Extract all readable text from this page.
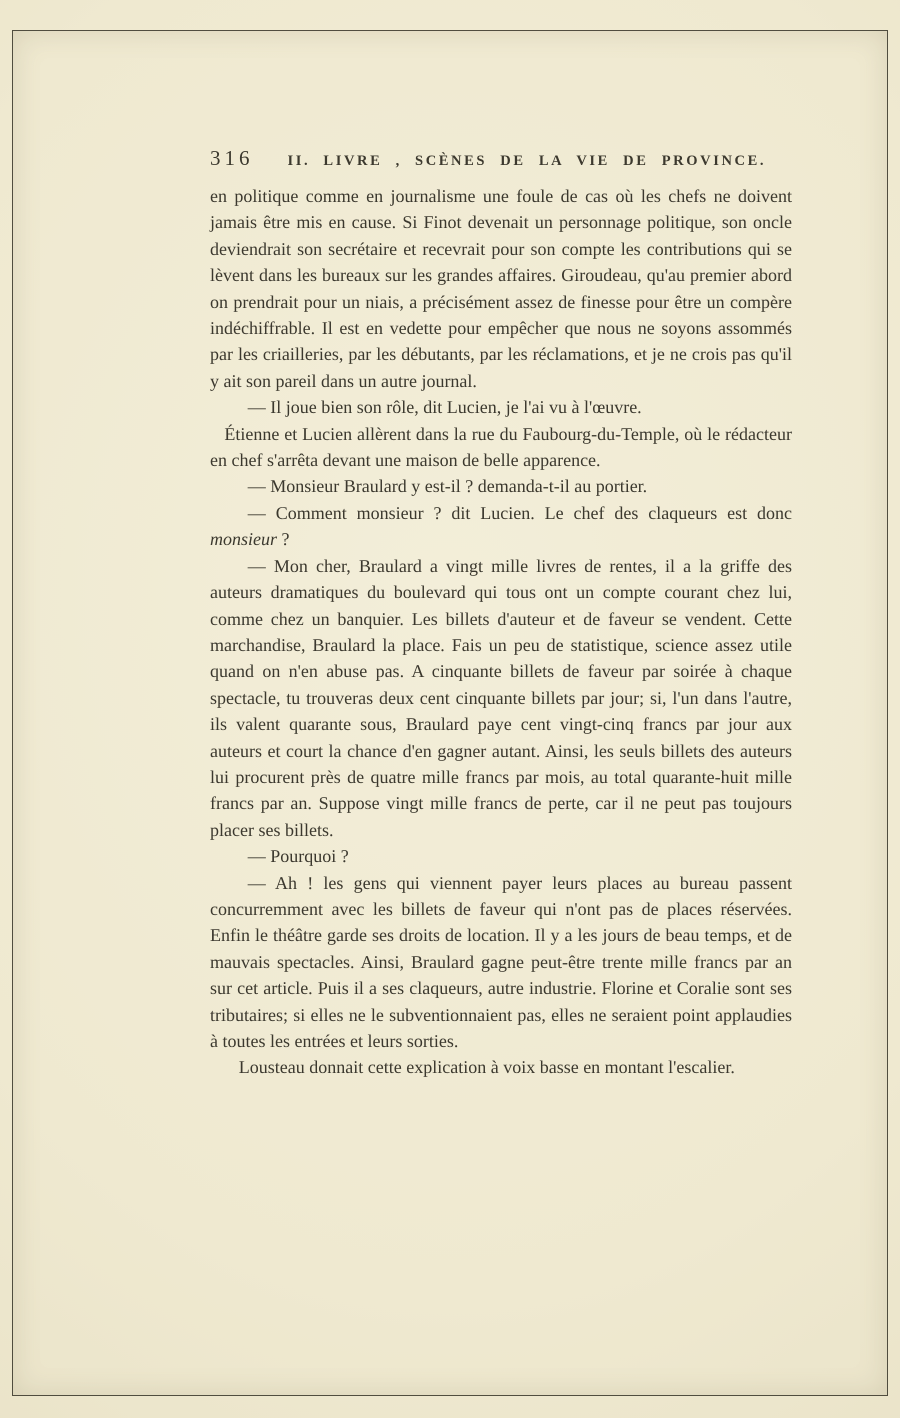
316 II. LIVRE , SCÈNES DE LA VIE DE PROVINCE.

en politique comme en journalisme une foule de cas où les chefs ne doivent jamais être mis en cause. Si Finot devenait un personnage politique, son oncle deviendrait son secrétaire et recevrait pour son compte les contributions qui se lèvent dans les bureaux sur les grandes affaires. Giroudeau, qu'au premier abord on prendrait pour un niais, a précisément assez de finesse pour être un compère indéchiffrable. Il est en vedette pour empêcher que nous ne soyons assommés par les criailleries, par les débutants, par les réclamations, et je ne crois pas qu'il y ait son pareil dans un autre journal.

— Il joue bien son rôle, dit Lucien, je l'ai vu à l'œuvre.

Étienne et Lucien allèrent dans la rue du Faubourg-du-Temple, où le rédacteur en chef s'arrêta devant une maison de belle apparence.

— Monsieur Braulard y est-il ? demanda-t-il au portier.

— Comment monsieur ? dit Lucien. Le chef des claqueurs est donc monsieur ?

— Mon cher, Braulard a vingt mille livres de rentes, il a la griffe des auteurs dramatiques du boulevard qui tous ont un compte courant chez lui, comme chez un banquier. Les billets d'auteur et de faveur se vendent. Cette marchandise, Braulard la place. Fais un peu de statistique, science assez utile quand on n'en abuse pas. A cinquante billets de faveur par soirée à chaque spectacle, tu trouveras deux cent cinquante billets par jour; si, l'un dans l'autre, ils valent quarante sous, Braulard paye cent vingt-cinq francs par jour aux auteurs et court la chance d'en gagner autant. Ainsi, les seuls billets des auteurs lui procurent près de quatre mille francs par mois, au total quarante-huit mille francs par an. Suppose vingt mille francs de perte, car il ne peut pas toujours placer ses billets.

— Pourquoi ?

— Ah ! les gens qui viennent payer leurs places au bureau passent concurremment avec les billets de faveur qui n'ont pas de places réservées. Enfin le théâtre garde ses droits de location. Il y a les jours de beau temps, et de mauvais spectacles. Ainsi, Braulard gagne peut-être trente mille francs par an sur cet article. Puis il a ses claqueurs, autre industrie. Florine et Coralie sont ses tributaires; si elles ne le subventionnaient pas, elles ne seraient point applaudies à toutes les entrées et leurs sorties.

Lousteau donnait cette explication à voix basse en montant l'escalier.
